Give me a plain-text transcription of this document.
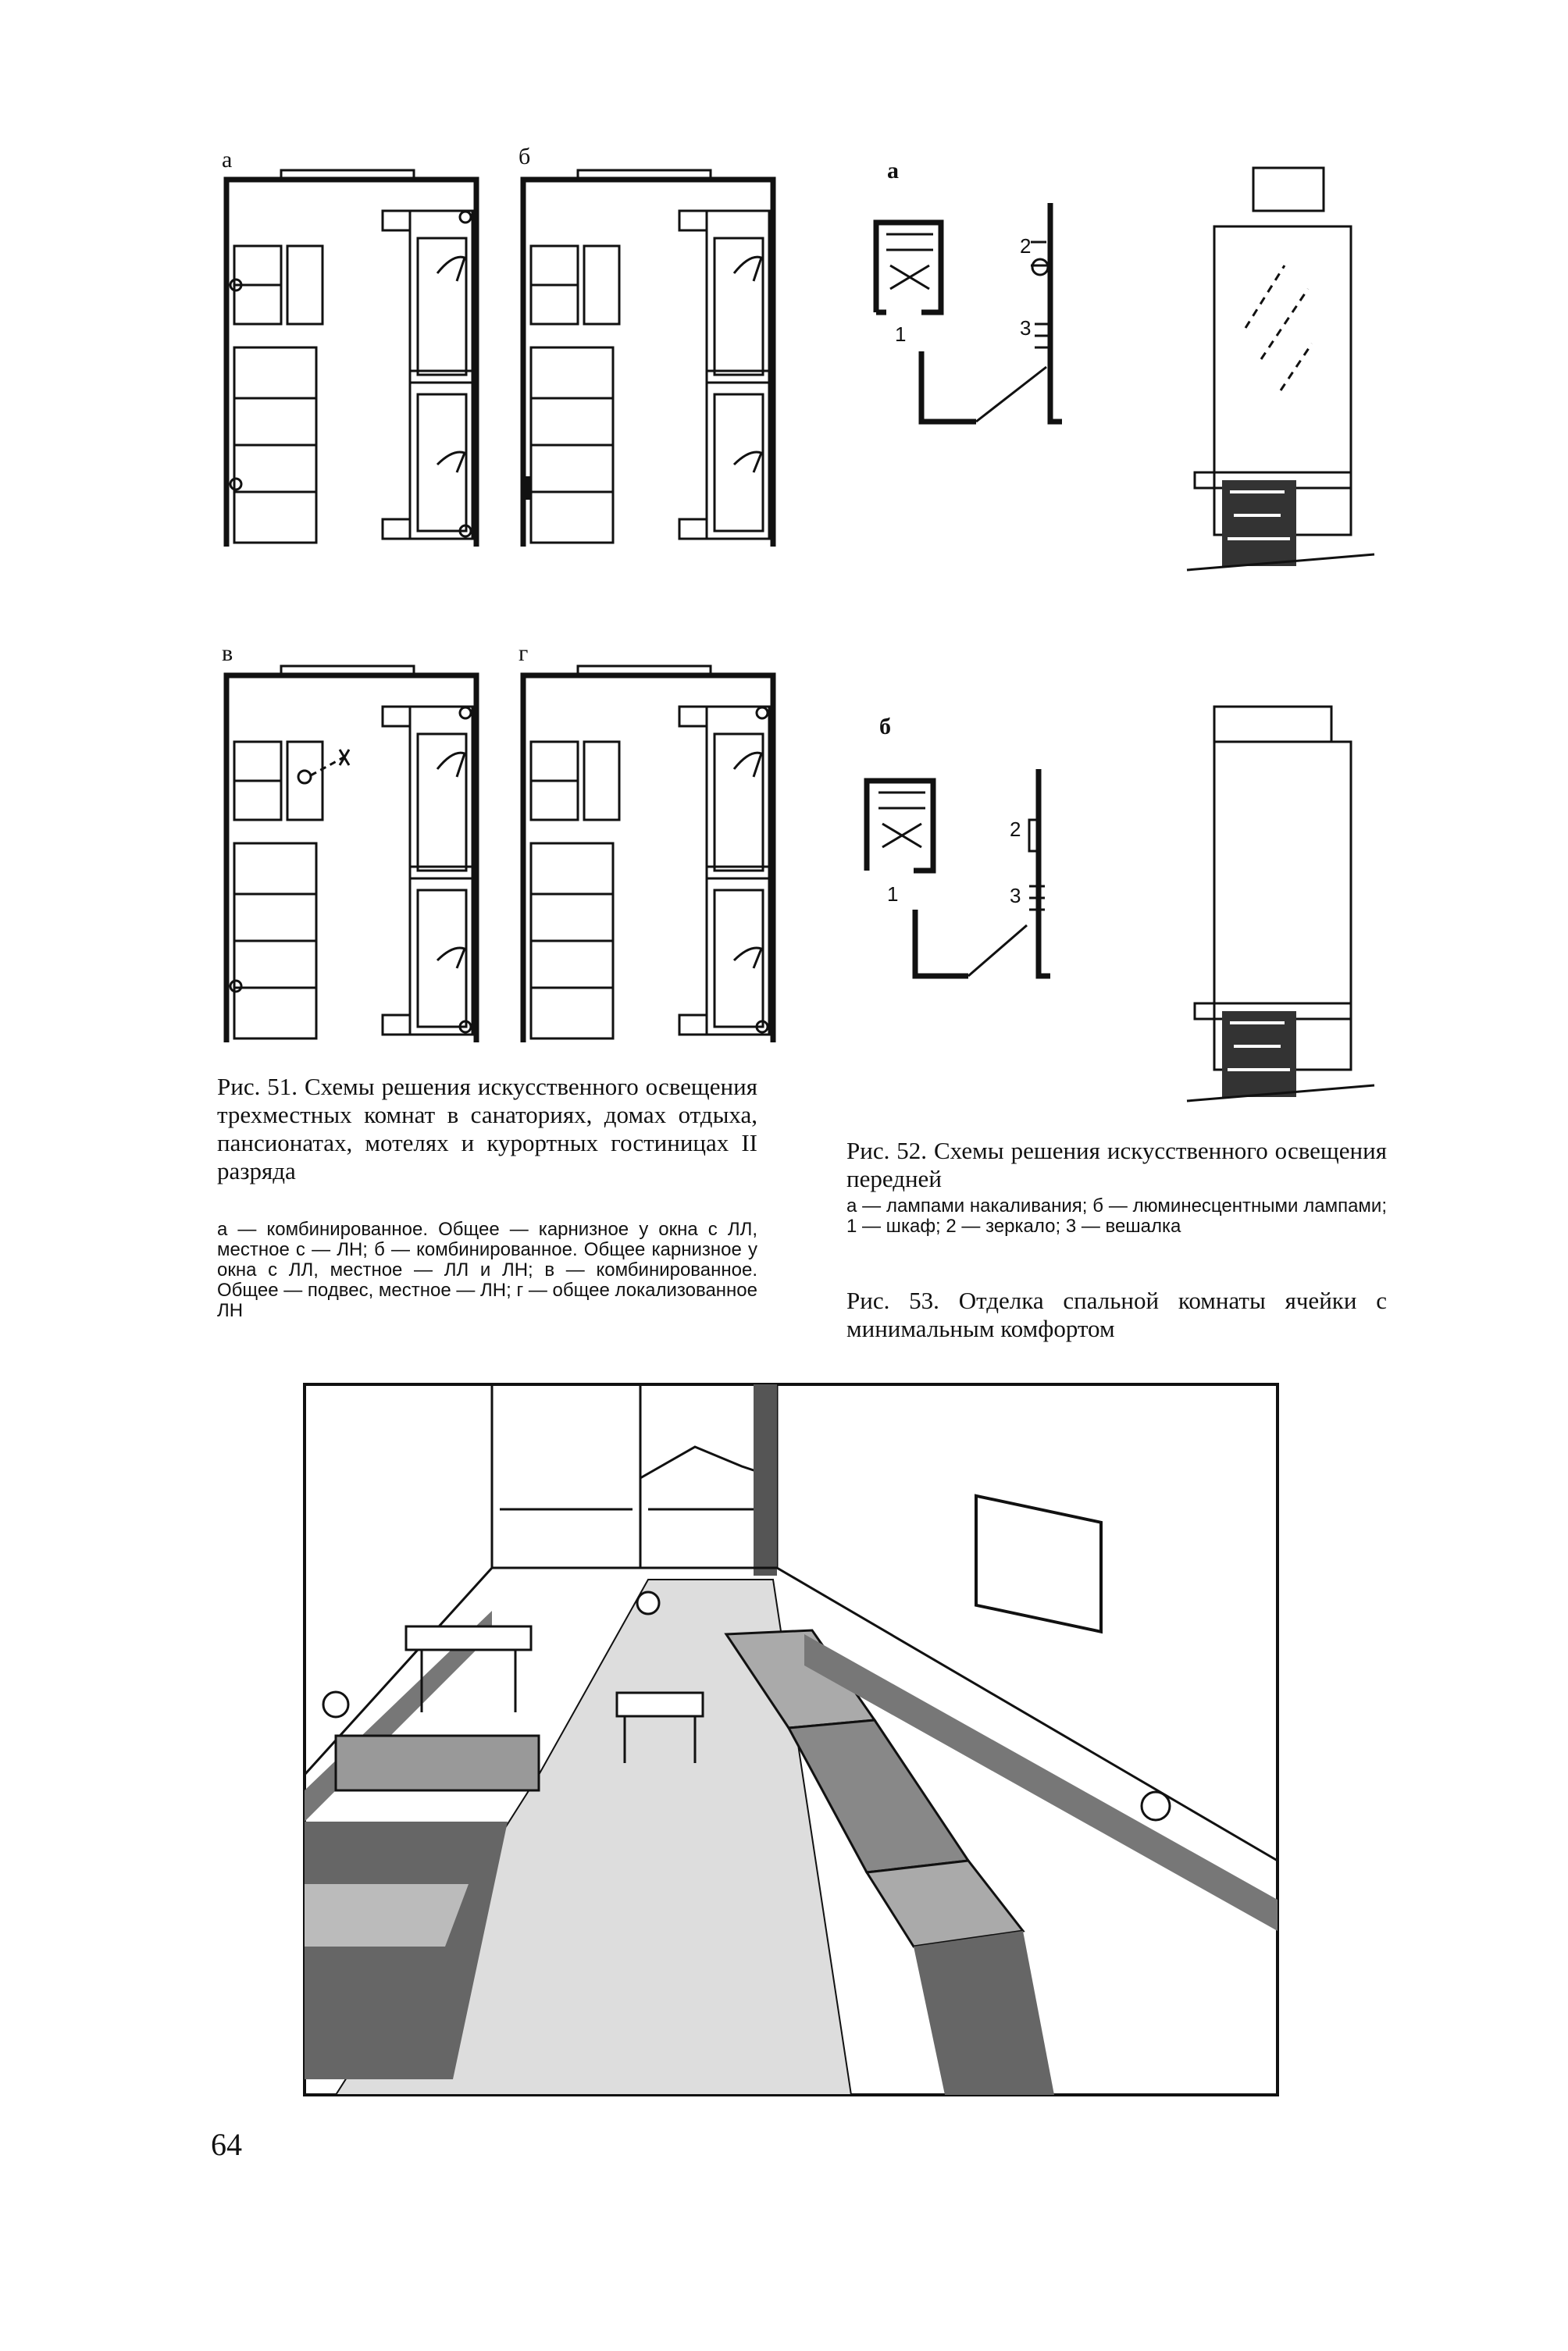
а	б
в	г
а
б
1
2
3
1
2
3
Рис. 51. Схемы решения искусственного освещения трехместных комнат в санаториях, домах отдыха, пансионатах, мотелях и курортных гостиницах II разряда
а — комбинированное. Общее — карнизное у окна с ЛЛ, местное с — ЛН; б — комбинированное. Общее карнизное у окна с ЛЛ, местное — ЛЛ и ЛН; в — комбинированное. Общее — подвес, местное — ЛН; г — общее локализованное ЛН
Рис. 52. Схемы решения искусственного освещения передней
а — лампами накаливания; б — люминесцентными лампами; 1 — шкаф; 2 — зеркало; 3 — вешалка
Рис. 53. Отделка спальной комнаты ячейки с минимальным комфортом
64
